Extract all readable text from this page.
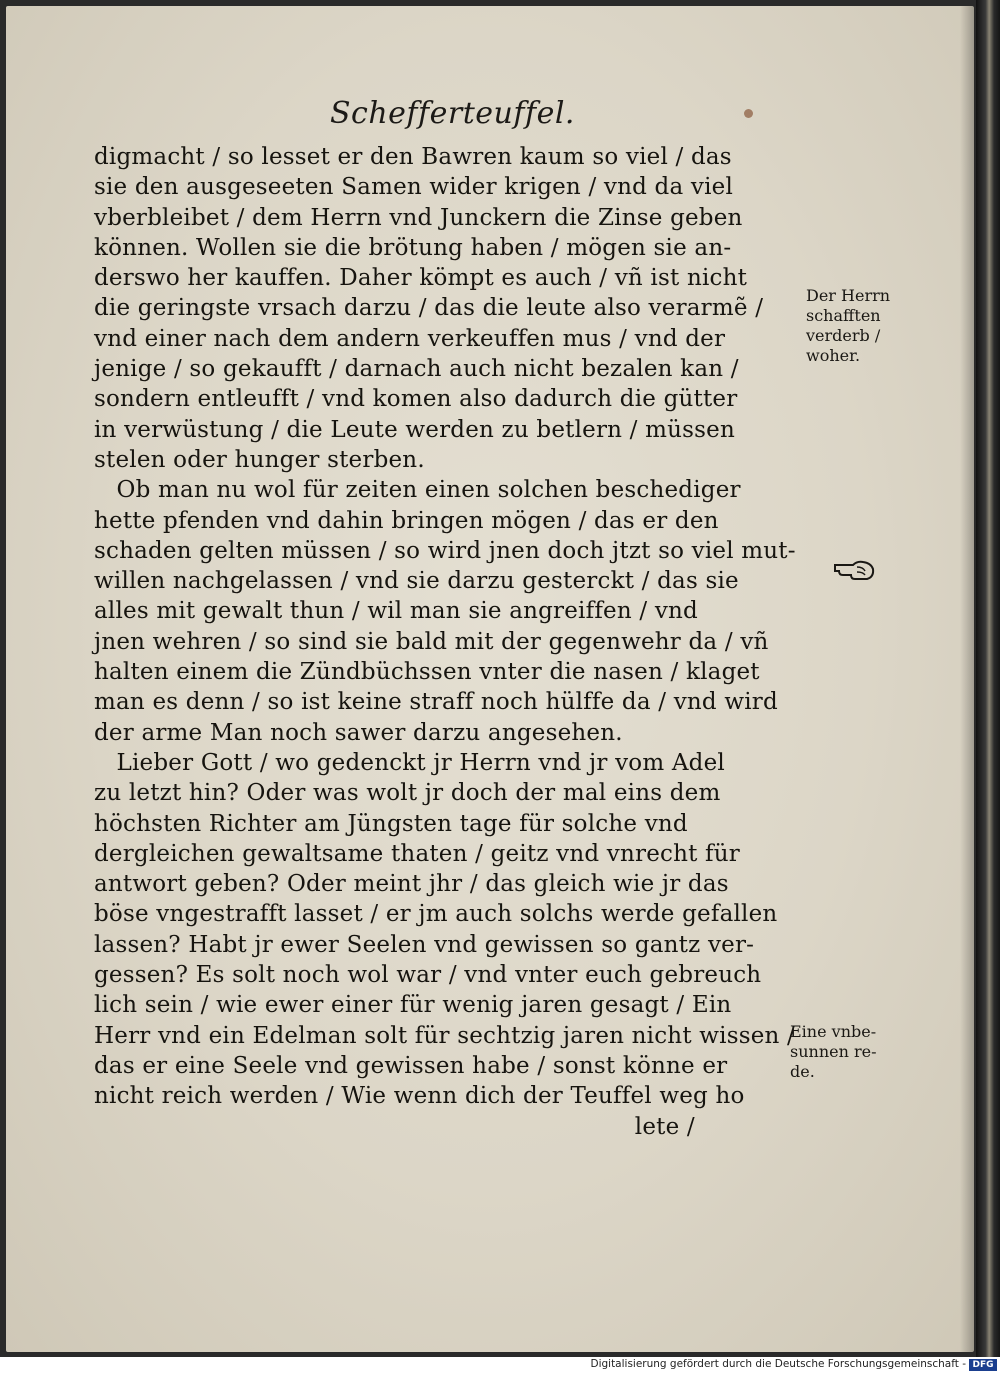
Schefferteuffel.
digmacht / so lesset er den Bawren kaum so viel / das
sie den ausgeseeten Samen wider krigen / vnd da viel
vberbleibet / dem Herrn vnd Junckern die Zinse geben
können. Wollen sie die brötung haben / mögen sie an-
derswo her kauffen. Daher kömpt es auch / vñ ist nicht
die geringste vrsach darzu / das die leute also verarmẽ /
vnd einer nach dem andern verkeuffen mus / vnd der
jenige / so gekaufft / darnach auch nicht bezalen kan /
sondern entleufft / vnd komen also dadurch die gütter
in verwüstung / die Leute werden zu betlern / müssen
stelen oder hunger sterben.
Ob man nu wol für zeiten einen solchen beschediger
hette pfenden vnd dahin bringen mögen / das er den
schaden gelten müssen / so wird jnen doch jtzt so viel mut-
willen nachgelassen / vnd sie darzu gesterckt / das sie
alles mit gewalt thun / wil man sie angreiffen / vnd
jnen wehren / so sind sie bald mit der gegenwehr da / vñ
halten einem die Zündbüchssen vnter die nasen / klaget
man es denn / so ist keine straff noch hülffe da / vnd wird
der arme Man noch sawer darzu angesehen.
Lieber Gott / wo gedenckt jr Herrn vnd jr vom Adel
zu letzt hin? Oder was wolt jr doch der mal eins dem
höchsten Richter am Jüngsten tage für solche vnd
dergleichen gewaltsame thaten / geitz vnd vnrecht für
antwort geben? Oder meint jhr / das gleich wie jr das
böse vngestrafft lasset / er jm auch solchs werde gefallen
lassen? Habt jr ewer Seelen vnd gewissen so gantz ver-
gessen? Es solt noch wol war / vnd vnter euch gebreuch
lich sein / wie ewer einer für wenig jaren gesagt / Ein
Herr vnd ein Edelman solt für sechtzig jaren nicht wissen /
das er eine Seele vnd gewissen habe / sonst könne er
nicht reich werden / Wie wenn dich der Teuffel weg ho
lete /
Der Herrn
schafften
verderb /
woher.
Eine vnbe-
sunnen re-
de.
Digitalisierung gefördert durch die Deutsche Forschungsgemeinschaft - DFG
